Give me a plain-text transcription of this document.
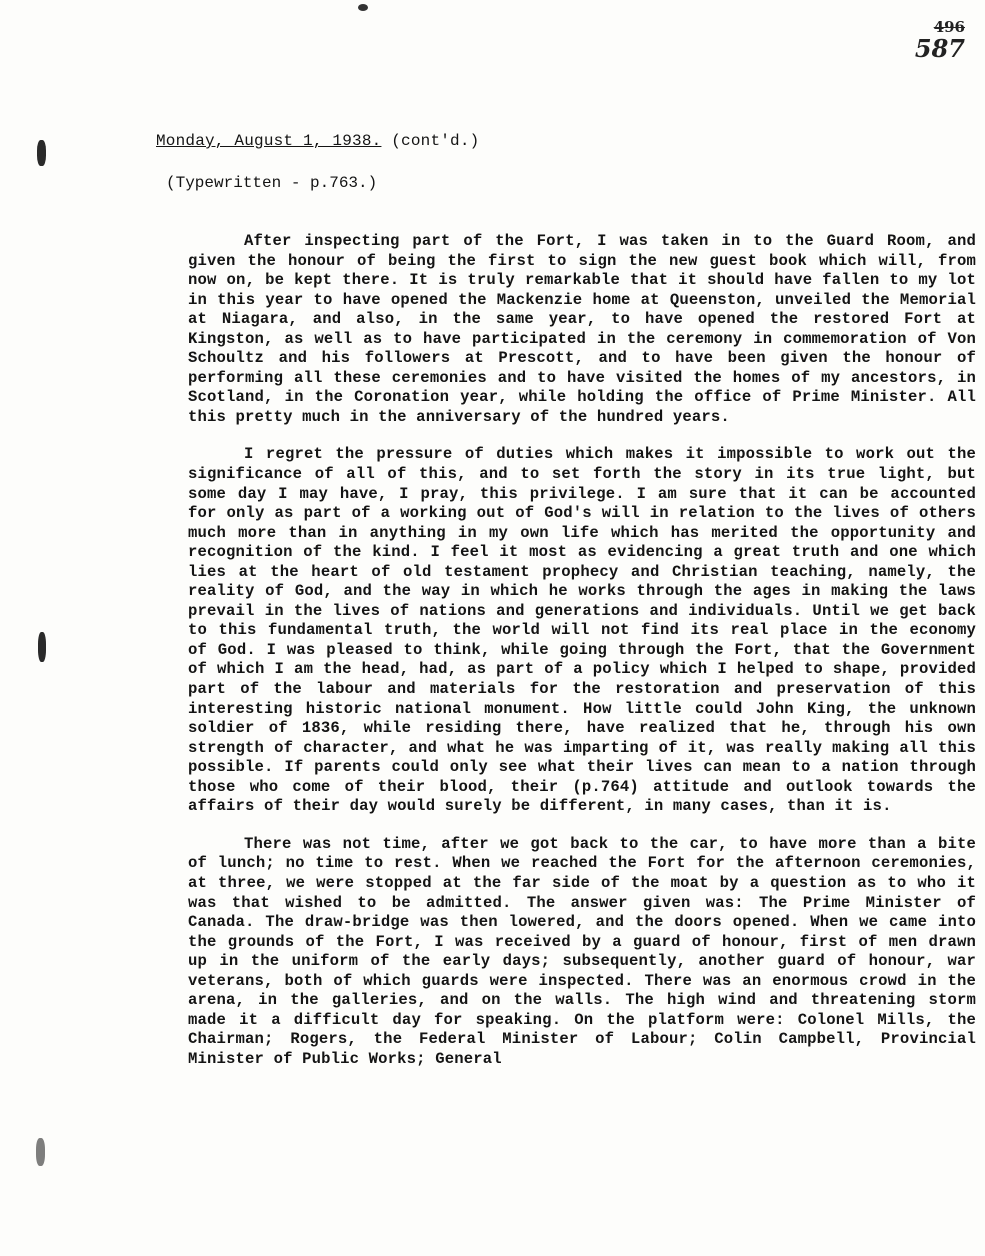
496
587
Monday, August 1, 1938. (cont'd.)
(Typewritten - p.763.)

After inspecting part of the Fort, I was taken in to the Guard Room, and given the honour of being the first to sign the new guest book which will, from now on, be kept there. It is truly remarkable that it should have fallen to my lot in this year to have opened the Mackenzie home at Queenston, unveiled the Memorial at Niagara, and also, in the same year, to have opened the restored Fort at Kingston, as well as to have participated in the ceremony in commemoration of Von Schoultz and his followers at Prescott, and to have been given the honour of performing all these ceremonies and to have visited the homes of my ancestors, in Scotland, in the Coronation year, while holding the office of Prime Minister. All this pretty much in the anniversary of the hundred years.

I regret the pressure of duties which makes it impossible to work out the significance of all of this, and to set forth the story in its true light, but some day I may have, I pray, this privilege. I am sure that it can be accounted for only as part of a working out of God's will in relation to the lives of others much more than in anything in my own life which has merited the opportunity and recognition of the kind. I feel it most as evidencing a great truth and one which lies at the heart of old testament prophecy and Christian teaching, namely, the reality of God, and the way in which he works through the ages in making the laws prevail in the lives of nations and generations and individuals. Until we get back to this fundamental truth, the world will not find its real place in the economy of God. I was pleased to think, while going through the Fort, that the Government of which I am the head, had, as part of a policy which I helped to shape, provided part of the labour and materials for the restoration and preservation of this interesting historic national monument. How little could John King, the unknown soldier of 1836, while residing there, have realized that he, through his own strength of character, and what he was imparting of it, was really making all this possible. If parents could only see what their lives can mean to a nation through those who come of their blood, their (p.764) attitude and outlook towards the affairs of their day would surely be different, in many cases, than it is.

There was not time, after we got back to the car, to have more than a bite of lunch; no time to rest. When we reached the Fort for the afternoon ceremonies, at three, we were stopped at the far side of the moat by a question as to who it was that wished to be admitted. The answer given was: The Prime Minister of Canada. The draw-bridge was then lowered, and the doors opened. When we came into the grounds of the Fort, I was received by a guard of honour, first of men drawn up in the uniform of the early days; subsequently, another guard of honour, war veterans, both of which guards were inspected. There was an enormous crowd in the arena, in the galleries, and on the walls. The high wind and threatening storm made it a difficult day for speaking. On the platform were: Colonel Mills, the Chairman; Rogers, the Federal Minister of Labour; Colin Campbell, Provincial Minister of Public Works; General
